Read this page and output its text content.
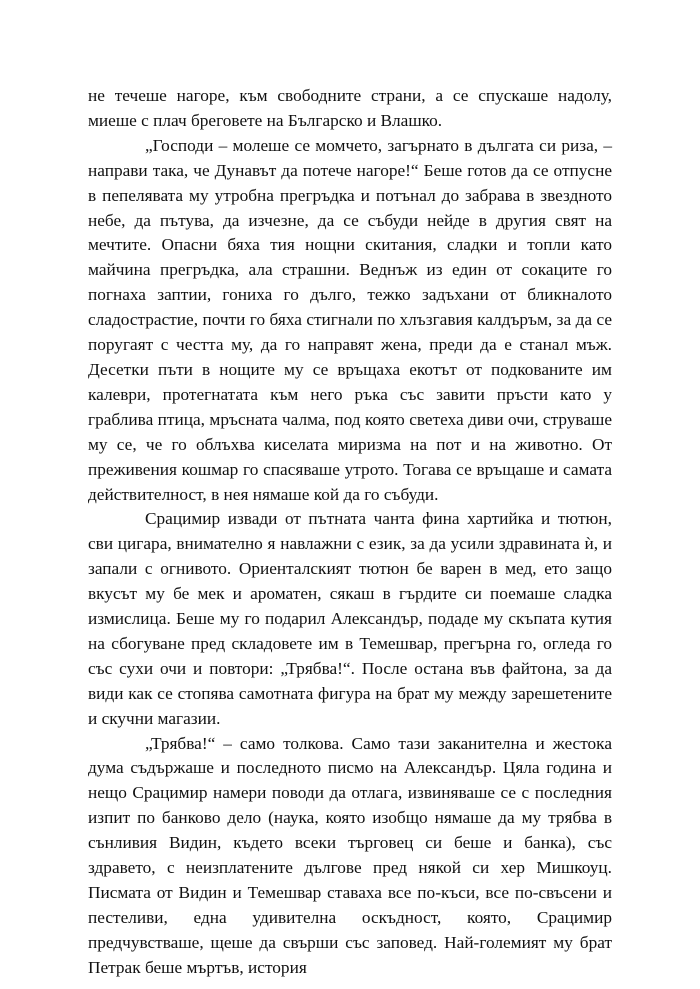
не течеше нагоре, към свободните страни, а се спускаше надолу, миеше с плач бреговете на Българско и Влашко.

„Господи – молеше се момчето, загърнато в дългата си риза, – направи така, че Дунавът да потече нагоре!“ Беше готов да се отпусне в пепелявата му утробна прегръдка и потънал до забрава в звездното небе, да пътува, да изчезне, да се събуди нейде в другия свят на мечтите. Опасни бяха тия нощни скитания, сладки и топли като майчина прегръдка, ала страшни. Веднъж из един от сокаците го погнаха заптии, гониха го дълго, тежко задъхани от бликналото сладострастие, почти го бяха стигнали по хлъзгавия калдъръм, за да се поругаят с честта му, да го направят жена, преди да е станал мъж. Десетки пъти в нощите му се връщаха екотът от подкованите им калеври, протегнатата към него ръка със завити пръсти като у граблива птица, мръсната чалма, под която светеха диви очи, струваше му се, че го облъхва киселата миризма на пот и на животно. От преживения кошмар го спасяваше утрото. Тогава се връщаше и самата действителност, в нея нямаше кой да го събуди.

Срацимир извади от пътната чанта фина хартийка и тютюн, сви цигара, внимателно я навлажни с език, за да усили здравината ѝ, и запали с огнивото. Ориенталският тютюн бе варен в мед, ето защо вкусът му бе мек и ароматен, сякаш в гърдите си поемаше сладка измислица. Беше му го подарил Александър, подаде му скъпата кутия на сбогуване пред складовете им в Темешвар, прегърна го, огледа го със сухи очи и повтори: „Трябва!“. После остана във файтона, за да види как се стопява самотната фигура на брат му между зарешетените и скучни магазии.

„Трябва!“ – само толкова. Само тази заканителна и жестока дума съдържаше и последното писмо на Александър. Цяла година и нещо Срацимир намери поводи да отлага, извиняваше се с последния изпит по банково дело (наука, която изобщо нямаше да му трябва в сънливия Видин, където всеки търговец си беше и банка), със здравето, с неизплатените дългове пред някой си хер Мишкоуц. Писмата от Видин и Темешвар ставаха все по-къси, все по-свъсени и пестеливи, една удивителна оскъдност, която, Срацимир предчувстваше, щеше да свърши със заповед. Най-големият му брат Петрак беше мъртъв, история
